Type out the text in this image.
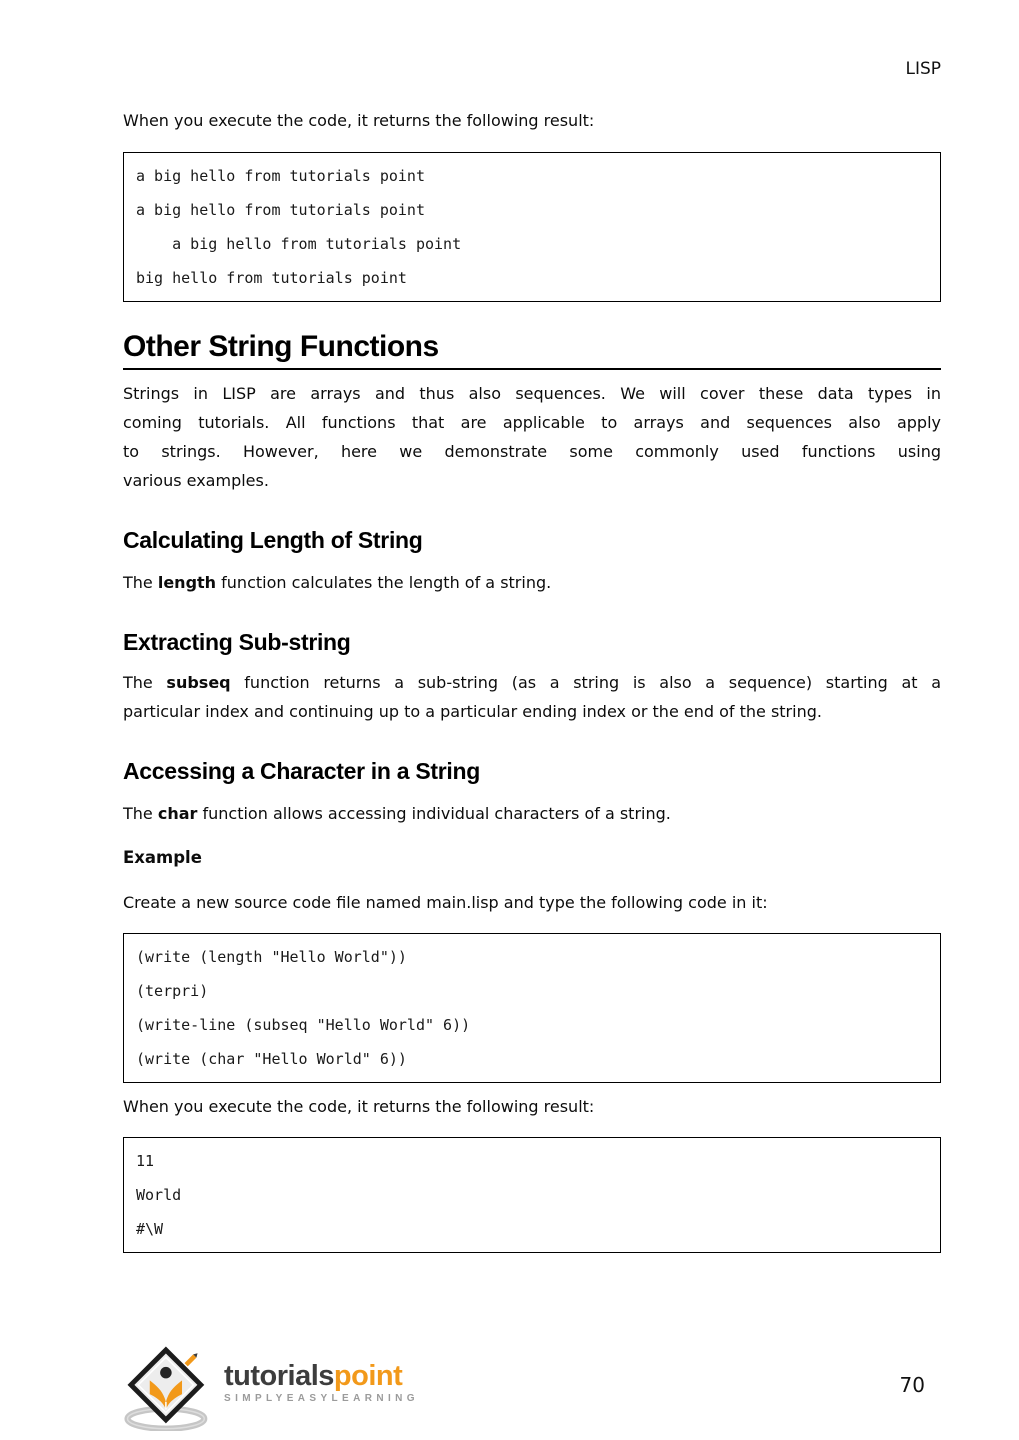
LISP

When you execute the code, it returns the following result:

a big hello from tutorials point
a big hello from tutorials point
a big hello from tutorials point
big hello from tutorials point
Other String Functions
Strings in LISP are arrays and thus also sequences. We will cover these data types in
coming tutorials. All functions that are applicable to arrays and sequences also apply
to strings. However, here we demonstrate some commonly used functions using
various examples.
Calculating Length of String

The length function calculates the length of a string.

Extracting Sub-string
The subseq function returns a sub-string (as a string is also a sequence) starting at a
particular index and continuing up to a particular ending index or the end of the string.
Accessing a Character in a String

The char function allows accessing individual characters of a string.

Example

Create a new source code file named main.lisp and type the following code in it:

(write (length "Hello World"))
(terpri)
(write-line (subseq "Hello World" 6))
(write (char "Hello World" 6))

When you execute the code, it returns the following result:

11
World
#\W
tutorialspoint
SIMPLYEASYLEARNING
70
